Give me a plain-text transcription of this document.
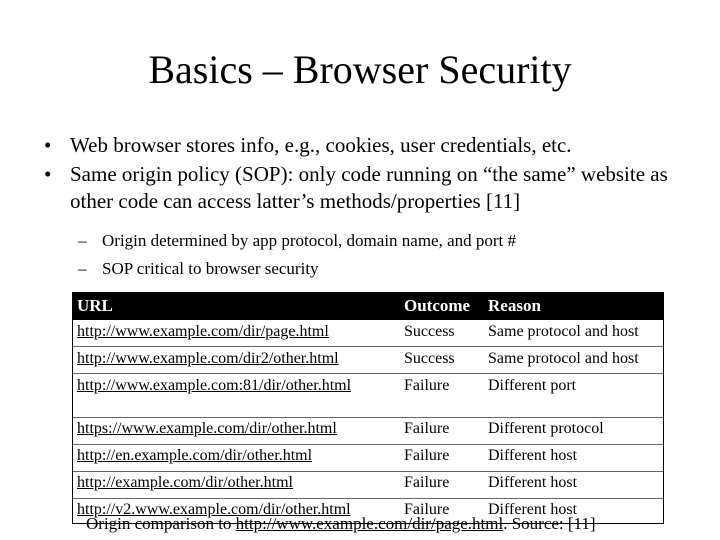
Basics – Browser Security
• Web browser stores info, e.g., cookies, user credentials, etc.
• Same origin policy (SOP): only code running on “the same” website as other code can access latter’s methods/properties [11]
– Origin determined by app protocol, domain name, and port #
– SOP critical to browser security
URL	Outcome Reason
http://www.example.com/dir/page.html	Success Same protocol and host
http://www.example.com/dir2/other.html	Success Same protocol and host
http://www.example.com:81/dir/other.html	Failure Different port
https://www.example.com/dir/other.html	Failure Different protocol
http://en.example.com/dir/other.html	Failure Different host
http://example.com/dir/other.html	Failure Different host
http://v2.www.example.com/dir/other.html	Failure Different host
Origin comparison to http://www.example.com/dir/page.html. Source: [11]
